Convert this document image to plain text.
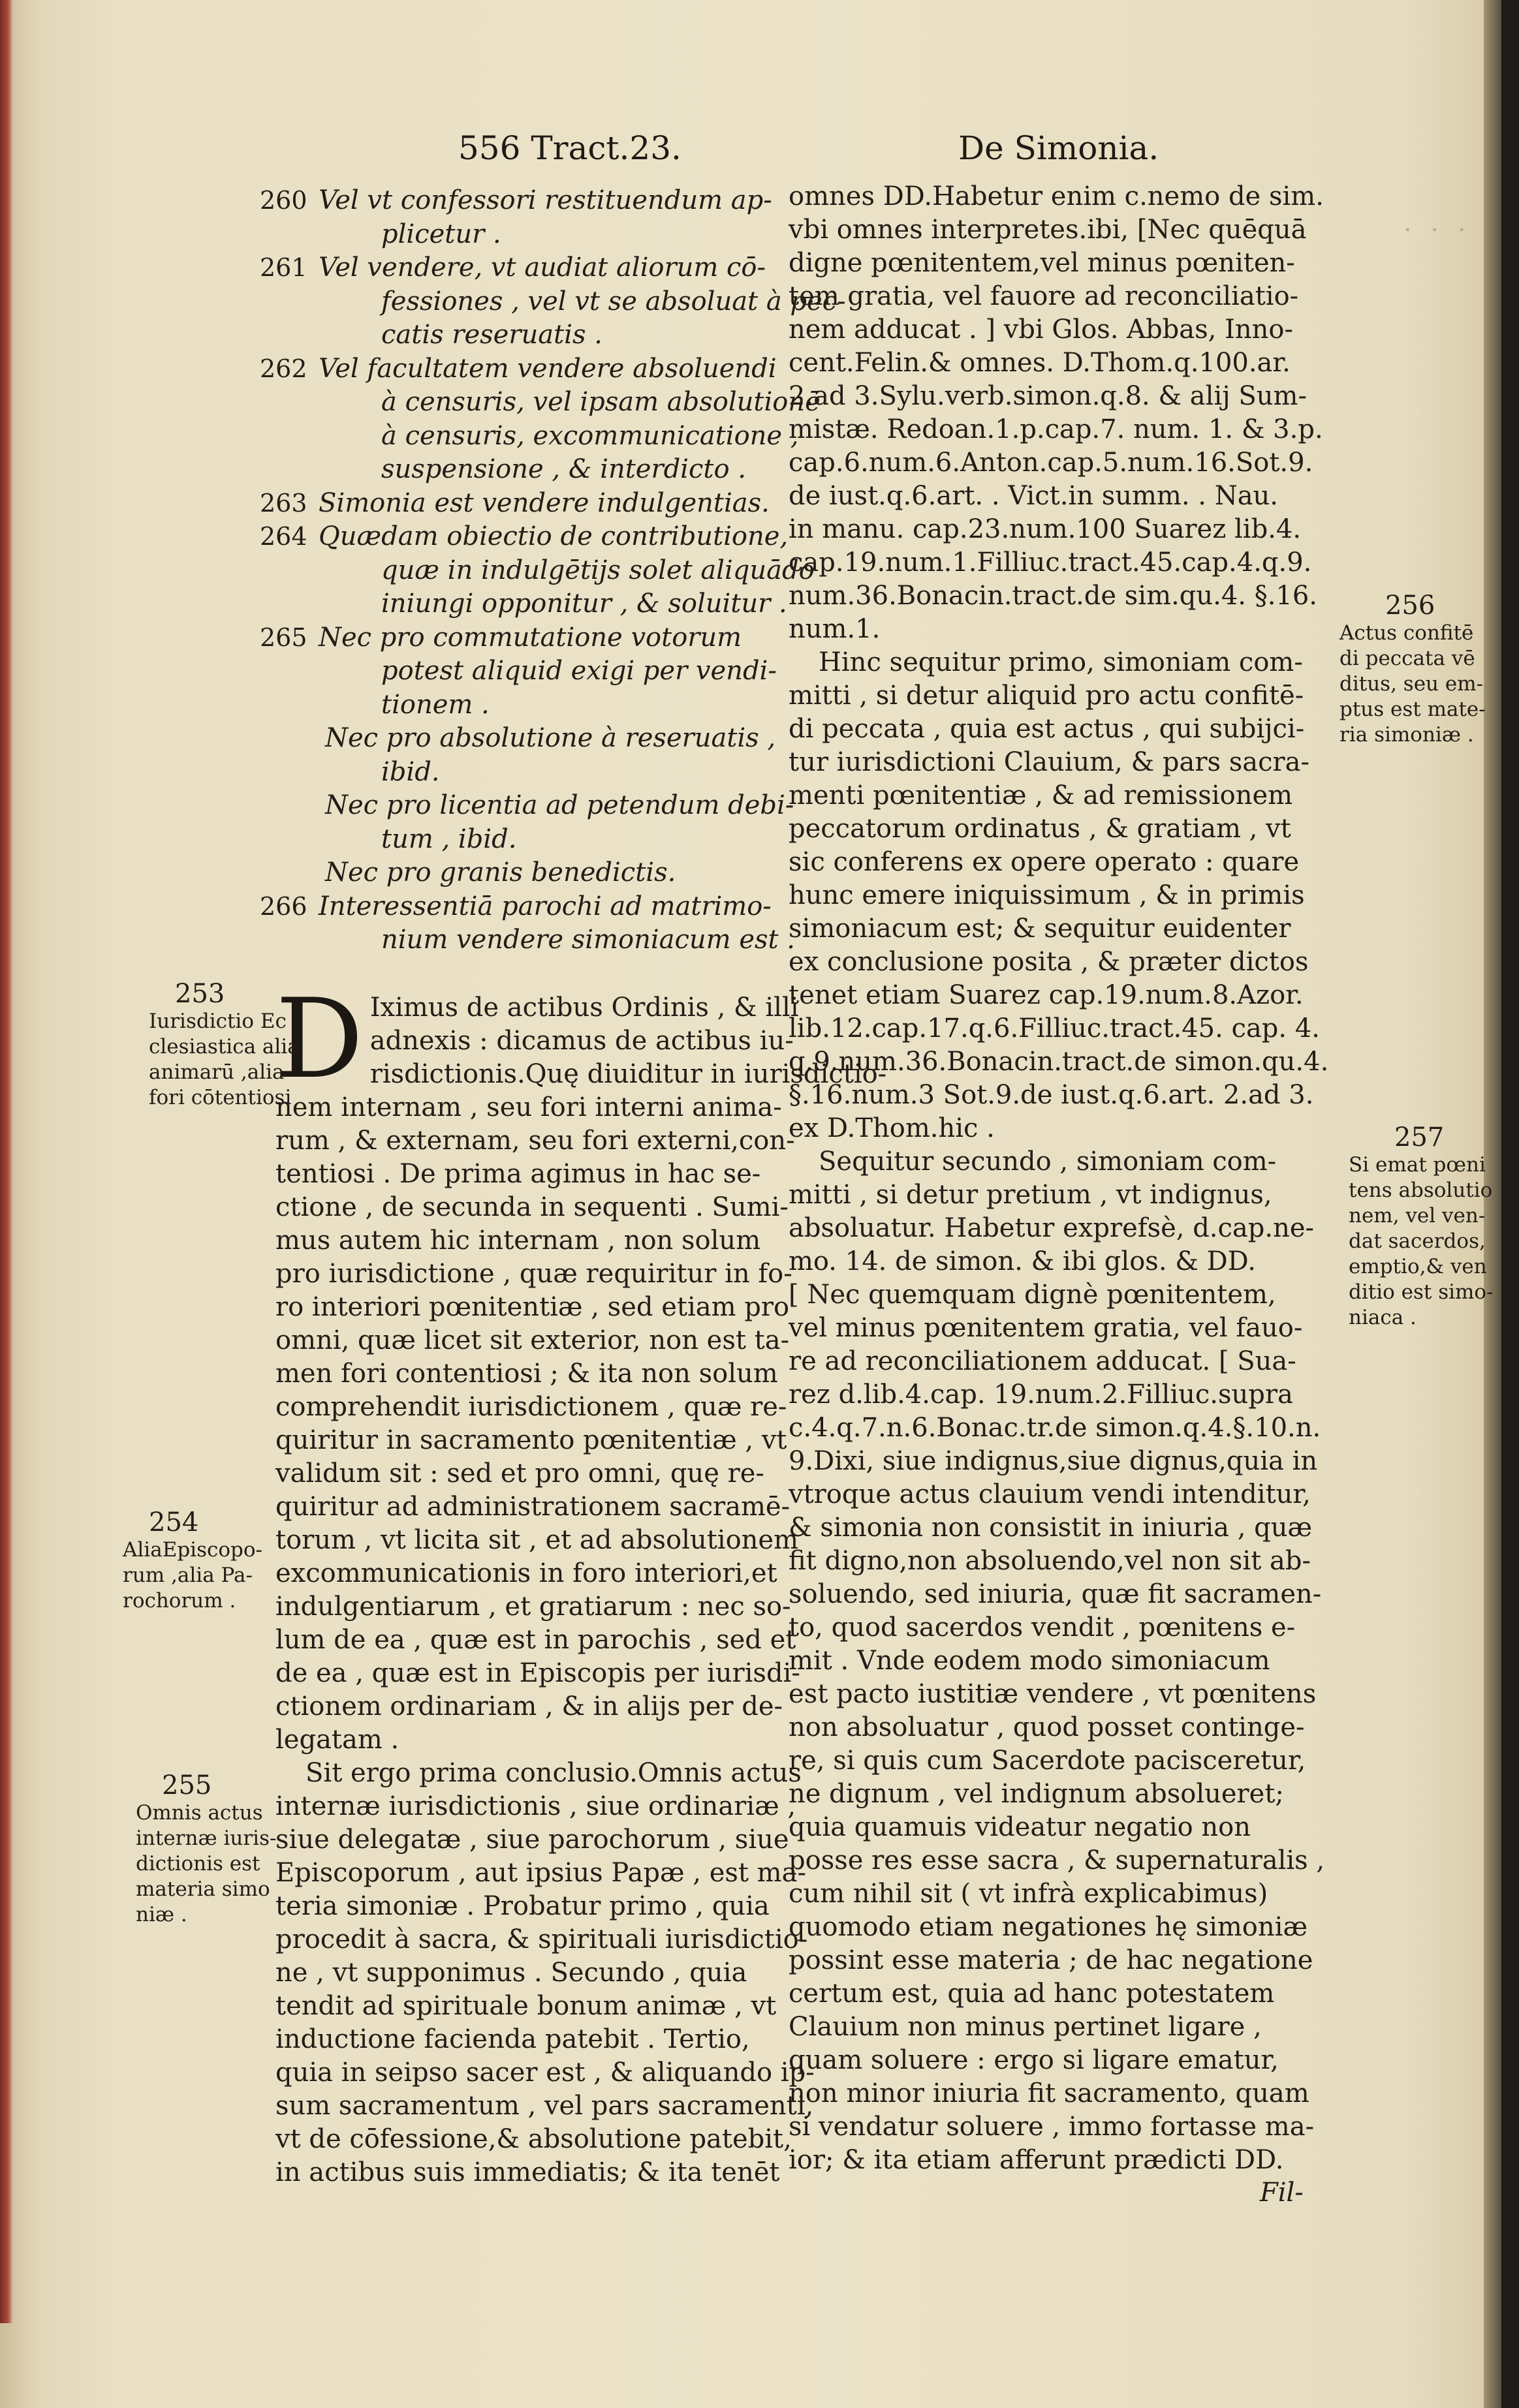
· · ·
556 Tract.23.	De Simonia.
Vel vt confessori restituendum ap-
260
plicetur .
Vel vendere, vt audiat aliorum cō-
261
fessiones , vel vt se absoluat à pec-
catis reseruatis .
Vel facultatem vendere absoluendi
262
à censuris, vel ipsam absolutionē
à censuris, excommunicatione ,
suspensione , & interdicto .
Simonia est vendere indulgentias.
263
Quædam obiectio de contributione,
264
quæ in indulgētijs solet aliquādo
iniungi opponitur , & soluitur .
Nec pro commutatione votorum
265
potest aliquid exigi per vendi-
tionem .
Nec pro absolutione à reseruatis ,
ibid.
Nec pro licentia ad petendum debi-
tum , ibid.
Nec pro granis benedictis.
Interessentiā parochi ad matrimo-
266
nium vendere simoniacum est .
D Iximus de actibus Ordinis , & illi
adnexis : dicamus de actibus iu-
risdictionis.Quę diuiditur in iurisdictio-
nem internam , seu fori interni anima-
rum , & externam, seu fori externi,con-
tentiosi . De prima agimus in hac se-
ctione , de secunda in sequenti . Sumi-
mus autem hic internam , non solum
pro iurisdictione , quæ requiritur in fo-
ro interiori pœnitentiæ , sed etiam pro
omni, quæ licet sit exterior, non est ta-
men fori contentiosi ; & ita non solum
comprehendit iurisdictionem , quæ re-
quiritur in sacramento pœnitentiæ , vt
validum sit : sed et pro omni, quę re-
quiritur ad administrationem sacramē-
torum , vt licita sit , et ad absolutionem
excommunicationis in foro interiori,et
indulgentiarum , et gratiarum : nec so-
lum de ea , quæ est in parochis , sed et
de ea , quæ est in Episcopis per iurisdi-
ctionem ordinariam , & in alijs per de-
legatam .
Sit ergo prima conclusio.Omnis actus
internæ iurisdictionis , siue ordinariæ ,
siue delegatæ , siue parochorum , siue
Episcoporum , aut ipsius Papæ , est ma-
teria simoniæ . Probatur primo , quia
procedit à sacra, & spirituali iurisdictio-
ne , vt supponimus . Secundo , quia
tendit ad spirituale bonum animæ , vt
inductione facienda patebit . Tertio,
quia in seipso sacer est , & aliquando ip-
sum sacramentum , vel pars sacramenti,
vt de cōfessione,& absolutione patebit,
in actibus suis immediatis; & ita tenēt
omnes DD.Habetur enim c.nemo de sim.
vbi omnes interpretes.ibi, [Nec quēquā
digne pœnitentem,vel minus pœniten-
tem gratia, vel fauore ad reconciliatio-
nem adducat . ] vbi Glos. Abbas, Inno-
cent.Felin.& omnes. D.Thom.q.100.ar.
2.ad 3.Sylu.verb.simon.q.8. & alij Sum-
mistæ. Redoan.1.p.cap.7. num. 1. & 3.p.
cap.6.num.6.Anton.cap.5.num.16.Sot.9.
de iust.q.6.art. . Vict.in summ. . Nau.
in manu. cap.23.num.100 Suarez lib.4.
cap.19.num.1.Filliuc.tract.45.cap.4.q.9.
num.36.Bonacin.tract.de sim.qu.4. §.16.
num.1.
Hinc sequitur primo, simoniam com-
mitti , si detur aliquid pro actu confitē-
di peccata , quia est actus , qui subijci-
tur iurisdictioni Clauium, & pars sacra-
menti pœnitentiæ , & ad remissionem
peccatorum ordinatus , & gratiam , vt
sic conferens ex opere operato : quare
hunc emere iniquissimum , & in primis
simoniacum est; & sequitur euidenter
ex conclusione posita , & præter dictos
tenet etiam Suarez cap.19.num.8.Azor.
lib.12.cap.17.q.6.Filliuc.tract.45. cap. 4.
q.9.num.36.Bonacin.tract.de simon.qu.4.
§.16.num.3 Sot.9.de iust.q.6.art. 2.ad 3.
ex D.Thom.hic .
Sequitur secundo , simoniam com-
mitti , si detur pretium , vt indignus,
absoluatur. Habetur exprefsè, d.cap.ne-
mo. 14. de simon. & ibi glos. & DD.
[ Nec quemquam dignè pœnitentem,
vel minus pœnitentem gratia, vel fauo-
re ad reconciliationem adducat. [ Sua-
rez d.lib.4.cap. 19.num.2.Filliuc.supra
c.4.q.7.n.6.Bonac.tr.de simon.q.4.§.10.n.
9.Dixi, siue indignus,siue dignus,quia in
vtroque actus clauium vendi intenditur,
& simonia non consistit in iniuria , quæ
fit digno,non absoluendo,vel non sit ab-
soluendo, sed iniuria, quæ fit sacramen-
to, quod sacerdos vendit , pœnitens e-
mit . Vnde eodem modo simoniacum
est pacto iustitiæ vendere , vt pœnitens
non absoluatur , quod posset continge-
re, si quis cum Sacerdote pacisceretur,
ne dignum , vel indignum absolueret;
quia quamuis videatur negatio non
posse res esse sacra , & supernaturalis ,
cum nihil sit ( vt infrà explicabimus)
quomodo etiam negationes hę simoniæ
possint esse materia ; de hac negatione
certum est, quia ad hanc potestatem
Clauium non minus pertinet ligare ,
quam soluere : ergo si ligare ematur,
non minor iniuria fit sacramento, quam
si vendatur soluere , immo fortasse ma-
ior; & ita etiam afferunt prædicti DD.
253
Iurisdictio Ec
clesiastica alia
animarū ,alia
fori cōtentiosi
254
AliaEpiscopo-
rum ,alia Pa-
rochorum .
255
Omnis actus
internæ iuris-
dictionis est
materia simo
niæ .
256
Actus confitē
di peccata vē
ditus, seu em-
ptus est mate-
ria simoniæ .
257
Si emat pœni
tens absolutio
nem, vel ven-
dat sacerdos,
emptio,& ven
ditio est simo-
niaca .
Fil-
